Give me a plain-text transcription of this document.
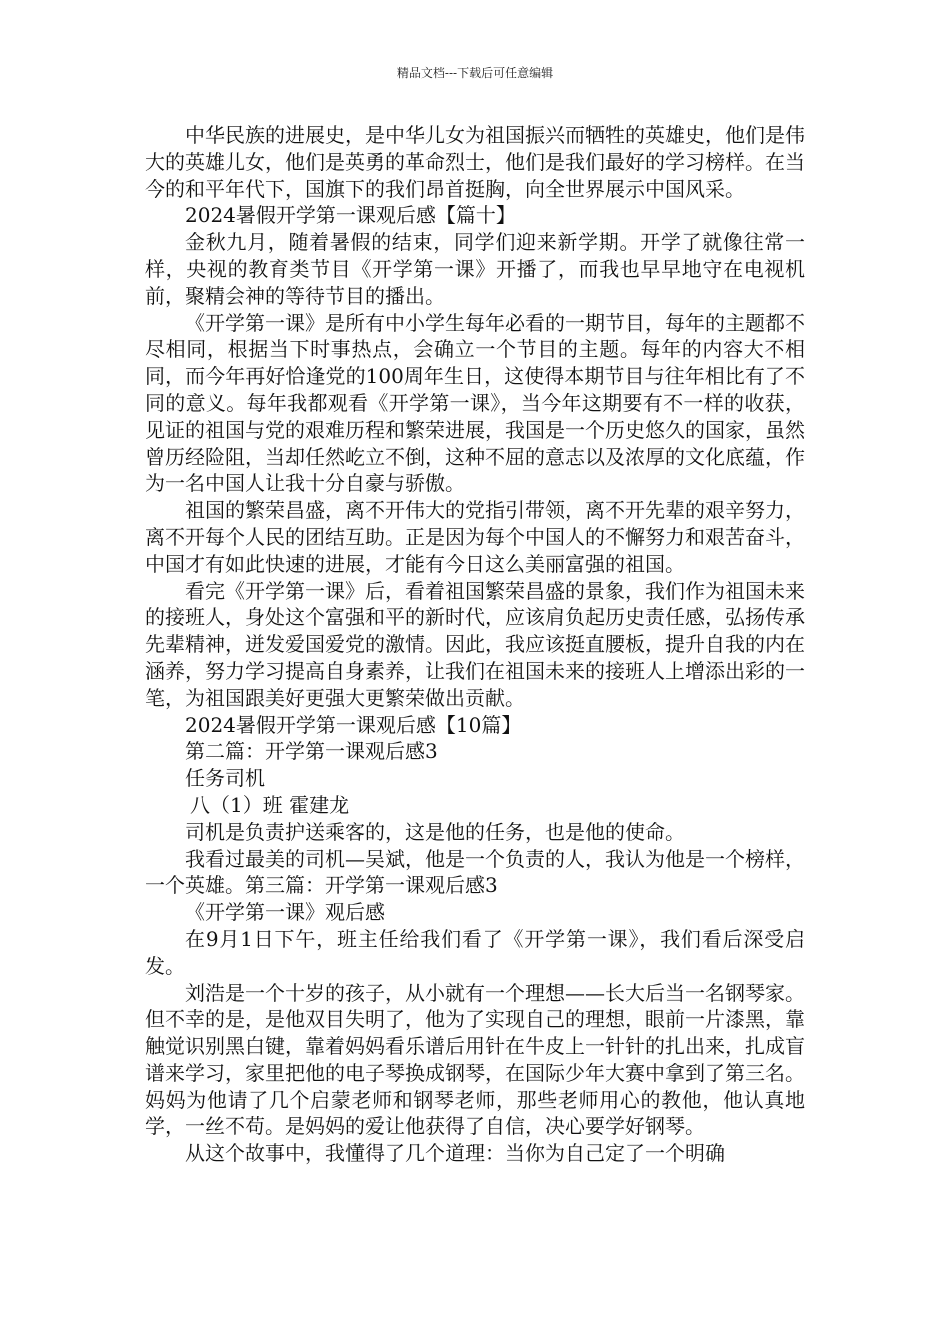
精品文档---下载后可任意编辑

中华民族的进展史，是中华儿女为祖国振兴而牺牲的英雄史，他们是伟大的英雄儿女，他们是英勇的革命烈士，他们是我们最好的学习榜样。在当今的和平年代下，国旗下的我们昂首挺胸，向全世界展示中国风采。

2024暑假开学第一课观后感【篇十】

金秋九月，随着暑假的结束，同学们迎来新学期。开学了就像往常一样，央视的教育类节目《开学第一课》开播了，而我也早早地守在电视机前，聚精会神的等待节目的播出。

《开学第一课》是所有中小学生每年必看的一期节目，每年的主题都不尽相同，根据当下时事热点，会确立一个节目的主题。每年的内容大不相同，而今年再好恰逢党的100周年生日，这使得本期节目与往年相比有了不同的意义。每年我都观看《开学第一课》，当今年这期要有不一样的收获，见证的祖国与党的艰难历程和繁荣进展，我国是一个历史悠久的国家，虽然曾历经险阻，当却任然屹立不倒，这种不屈的意志以及浓厚的文化底蕴，作为一名中国人让我十分自豪与骄傲。

祖国的繁荣昌盛，离不开伟大的党指引带领，离不开先辈的艰辛努力，离不开每个人民的团结互助。正是因为每个中国人的不懈努力和艰苦奋斗，中国才有如此快速的进展，才能有今日这么美丽富强的祖国。

看完《开学第一课》后，看着祖国繁荣昌盛的景象，我们作为祖国未来的接班人，身处这个富强和平的新时代，应该肩负起历史责任感，弘扬传承先辈精神，迸发爱国爱党的激情。因此，我应该挺直腰板，提升自我的内在涵养，努力学习提高自身素养，让我们在祖国未来的接班人上增添出彩的一笔，为祖国跟美好更强大更繁荣做出贡献。

2024暑假开学第一课观后感【10篇】

第二篇：开学第一课观后感3

任务司机

八（1）班 霍建龙

司机是负责护送乘客的，这是他的任务，也是他的使命。

我看过最美的司机—吴斌，他是一个负责的人，我认为他是一个榜样，一个英雄。第三篇：开学第一课观后感3

《开学第一课》观后感

在9月1日下午，班主任给我们看了《开学第一课》，我们看后深受启发。

刘浩是一个十岁的孩子，从小就有一个理想——长大后当一名钢琴家。但不幸的是，是他双目失明了，他为了实现自己的理想，眼前一片漆黑，靠触觉识别黑白键，靠着妈妈看乐谱后用针在牛皮上一针针的扎出来，扎成盲谱来学习，家里把他的电子琴换成钢琴，在国际少年大赛中拿到了第三名。妈妈为他请了几个启蒙老师和钢琴老师，那些老师用心的教他，他认真地学，一丝不苟。是妈妈的爱让他获得了自信，决心要学好钢琴。

从这个故事中，我懂得了几个道理：当你为自己定了一个明确
